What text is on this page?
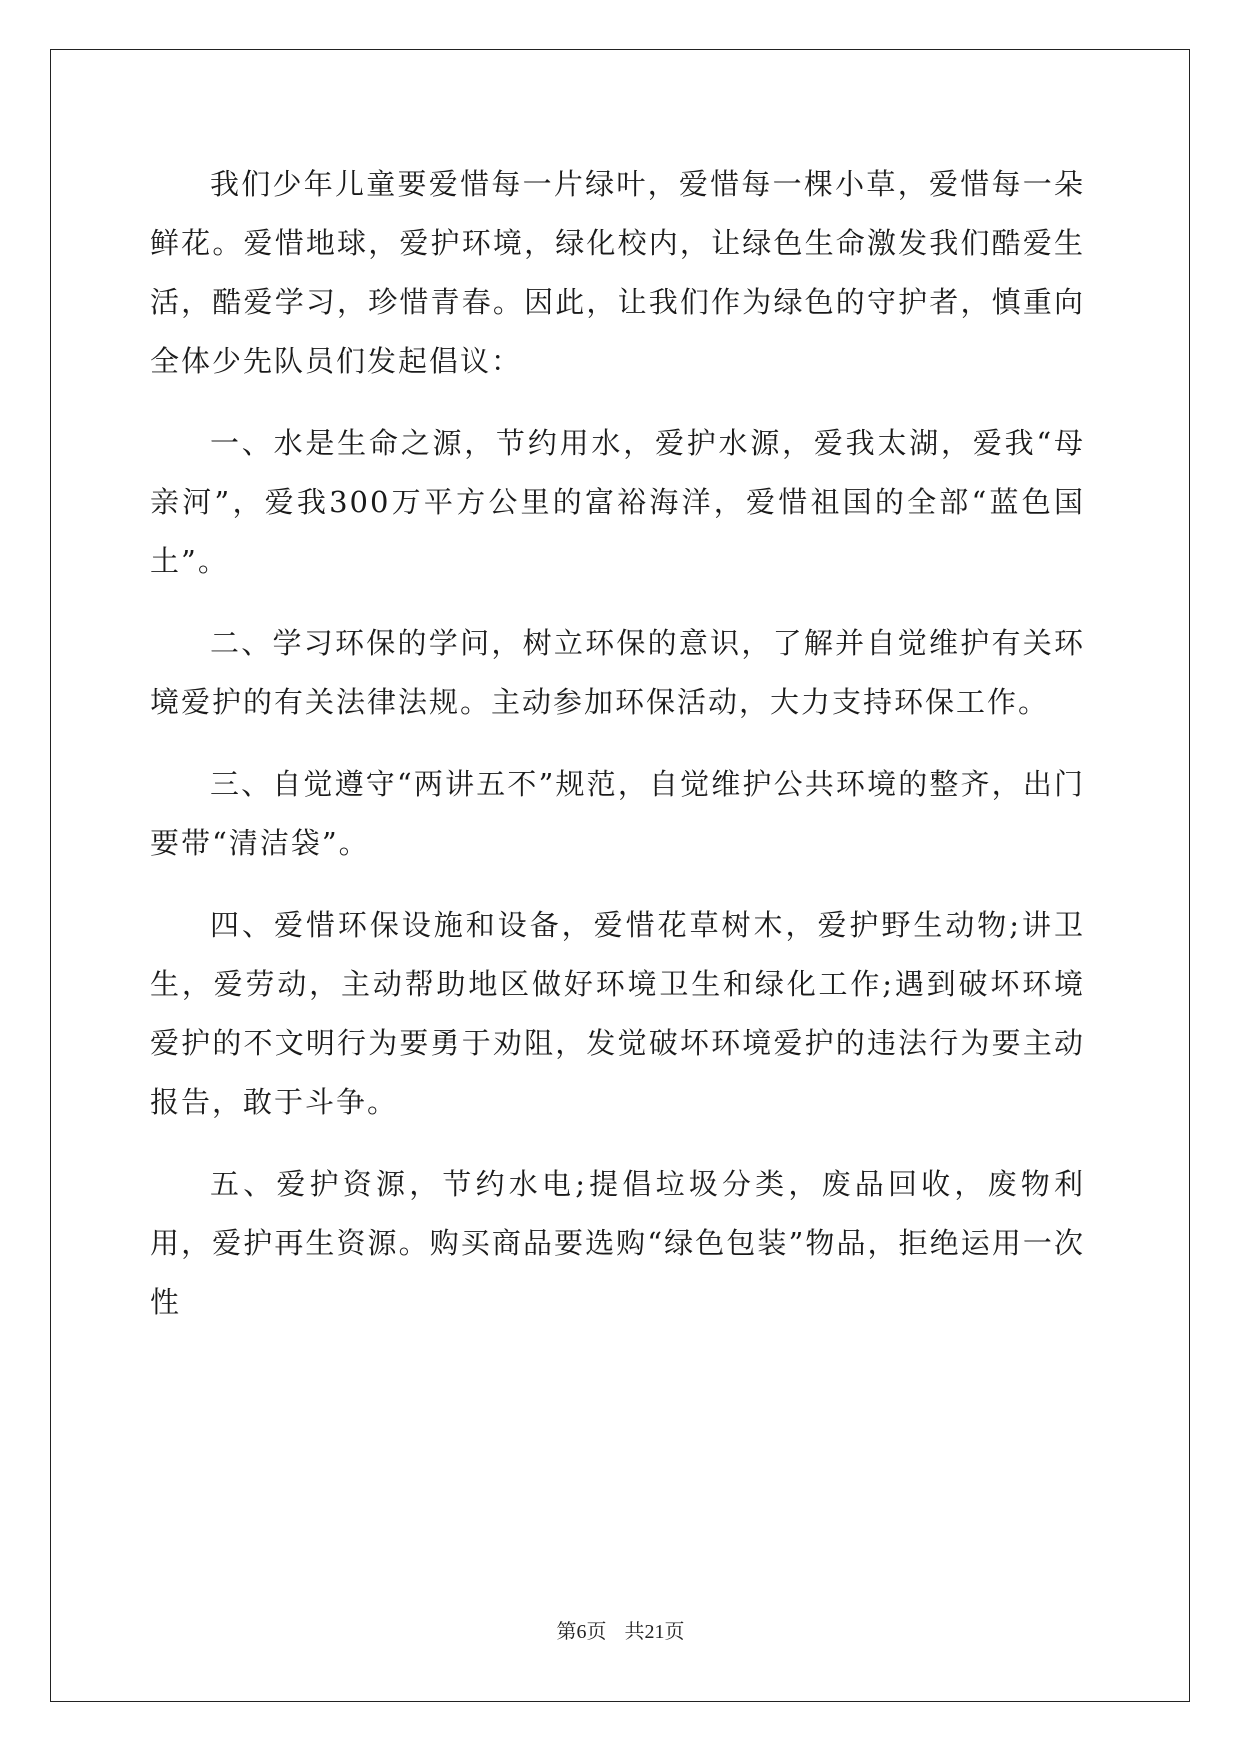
我们少年儿童要爱惜每一片绿叶，爱惜每一棵小草，爱惜每一朵鲜花。爱惜地球，爱护环境，绿化校内，让绿色生命激发我们酷爱生活，酷爱学习，珍惜青春。因此，让我们作为绿色的守护者，慎重向全体少先队员们发起倡议：

一、水是生命之源，节约用水，爱护水源，爱我太湖，爱我“母亲河”，爱我300万平方公里的富裕海洋，爱惜祖国的全部“蓝色国土”。

二、学习环保的学问，树立环保的意识，了解并自觉维护有关环境爱护的有关法律法规。主动参加环保活动，大力支持环保工作。

三、自觉遵守“两讲五不”规范，自觉维护公共环境的整齐，出门要带“清洁袋”。

四、爱惜环保设施和设备，爱惜花草树木，爱护野生动物;讲卫生，爱劳动，主动帮助地区做好环境卫生和绿化工作;遇到破坏环境爱护的不文明行为要勇于劝阻，发觉破坏环境爱护的违法行为要主动报告，敢于斗争。

五、爱护资源，节约水电;提倡垃圾分类，废品回收，废物利用，爱护再生资源。购买商品要选购“绿色包装”物品，拒绝运用一次性

第6页 共21页
